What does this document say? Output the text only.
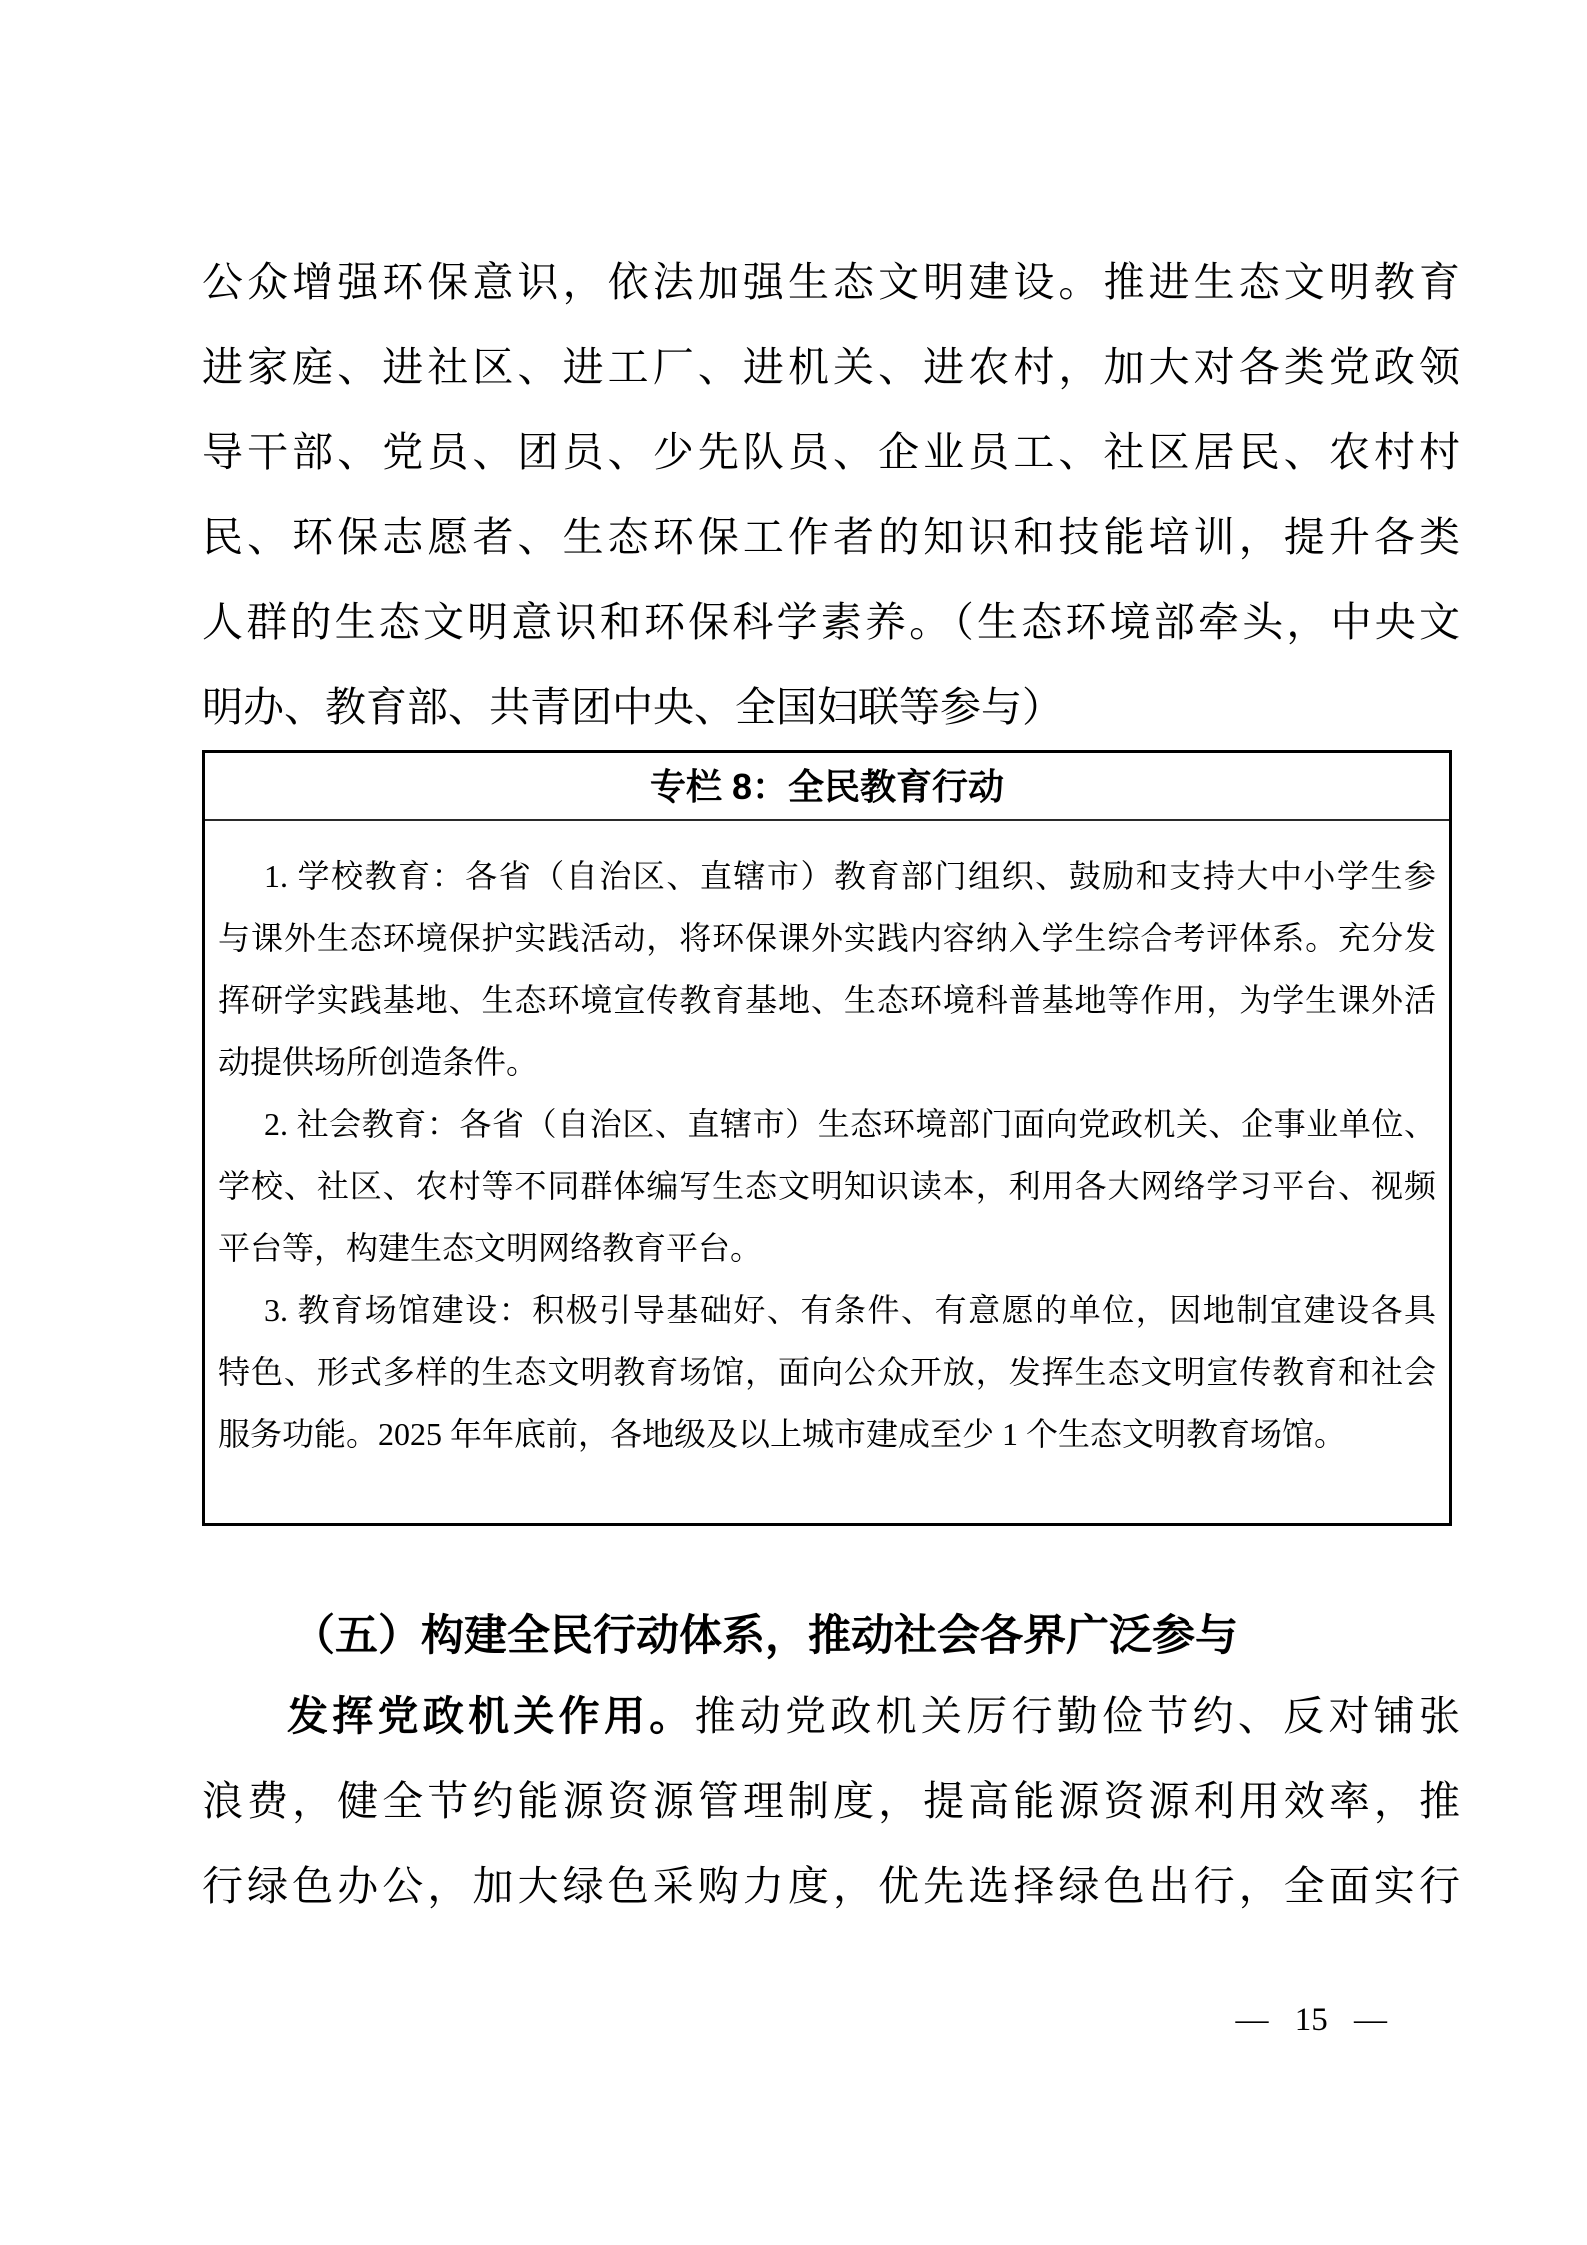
公众增强环保意识，依法加强生态文明建设。推进生态文明教育
进家庭、进社区、进工厂、进机关、进农村，加大对各类党政领
导干部、党员、团员、少先队员、企业员工、社区居民、农村村
民、环保志愿者、生态环保工作者的知识和技能培训，提升各类
人群的生态文明意识和环保科学素养。（生态环境部牵头，中央文
明办、教育部、共青团中央、全国妇联等参与）
专栏 8：全民教育行动
1. 学校教育：各省（自治区、直辖市）教育部门组织、鼓励和支持大中小学生参
与课外生态环境保护实践活动，将环保课外实践内容纳入学生综合考评体系。充分发
挥研学实践基地、生态环境宣传教育基地、生态环境科普基地等作用，为学生课外活
动提供场所创造条件。
2. 社会教育：各省（自治区、直辖市）生态环境部门面向党政机关、企事业单位、
学校、社区、农村等不同群体编写生态文明知识读本，利用各大网络学习平台、视频
平台等，构建生态文明网络教育平台。
3. 教育场馆建设：积极引导基础好、有条件、有意愿的单位，因地制宜建设各具
特色、形式多样的生态文明教育场馆，面向公众开放，发挥生态文明宣传教育和社会
服务功能。2025 年年底前，各地级及以上城市建成至少 1 个生态文明教育场馆。
（五）构建全民行动体系，推动社会各界广泛参与
发挥党政机关作用。推动党政机关厉行勤俭节约、反对铺张
浪费，健全节约能源资源管理制度，提高能源资源利用效率，推
行绿色办公，加大绿色采购力度，优先选择绿色出行，全面实行
— 15 —
